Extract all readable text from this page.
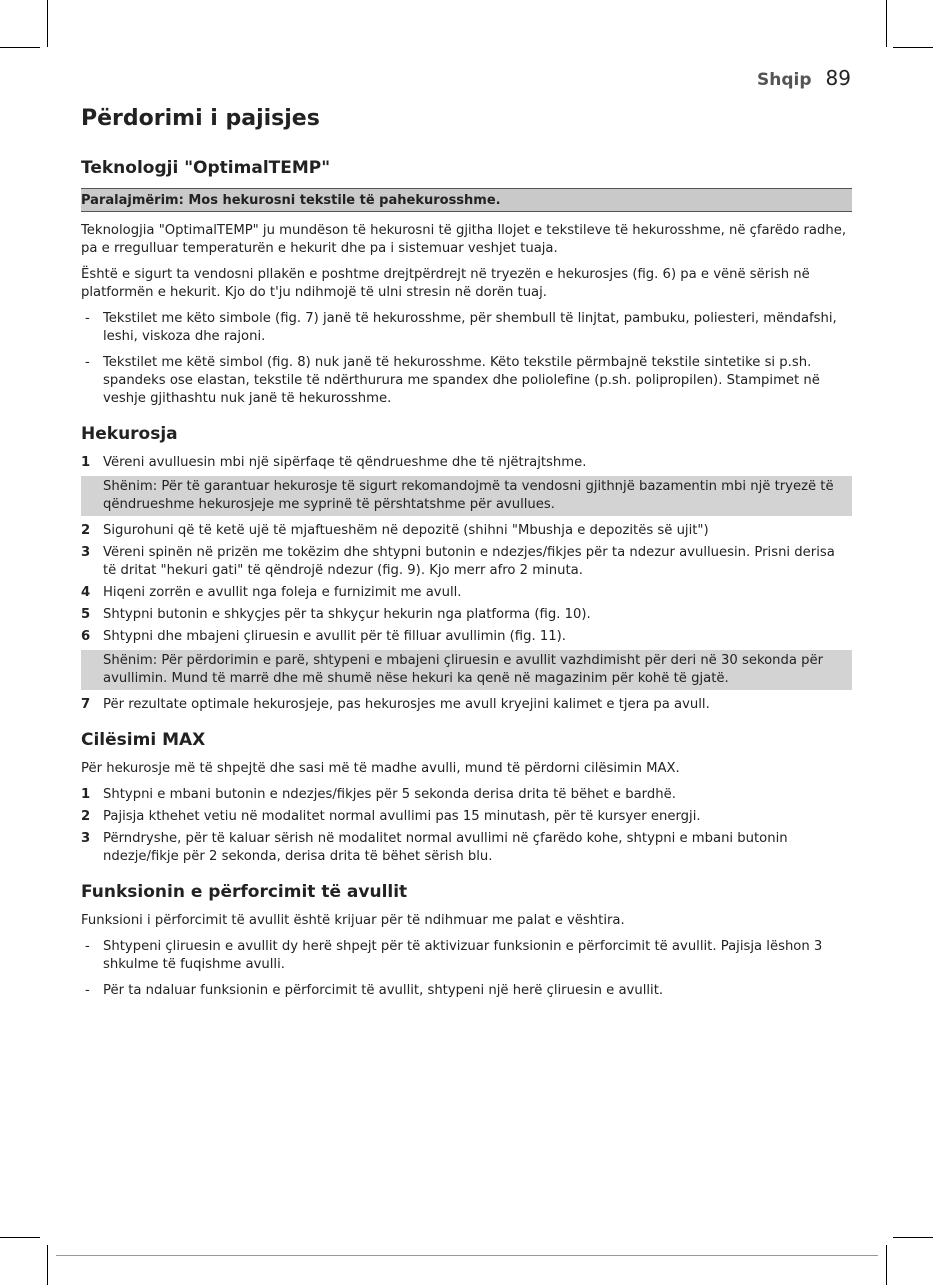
Shqip 89
Përdorimi i pajisjes
Teknologji "OptimalTEMP"
Paralajmërim: Mos hekurosni tekstile të pahekurosshme.

Teknologjia "OptimalTEMP" ju mundëson të hekurosni të gjitha llojet e tekstileve të hekurosshme, në çfarëdo radhe, pa e rregulluar temperaturën e hekurit dhe pa i sistemuar veshjet tuaja.

Është e sigurt ta vendosni pllakën e poshtme drejtpërdrejt në tryezën e hekurosjes (fig. 6) pa e vënë sërish në platformën e hekurit. Kjo do t'ju ndihmojë të ulni stresin në dorën tuaj.

- Tekstilet me këto simbole (fig. 7) janë të hekurosshme, për shembull të linjtat, pambuku, poliesteri, mëndafshi, leshi, viskoza dhe rajoni.
- Tekstilet me këtë simbol (fig. 8) nuk janë të hekurosshme. Këto tekstile përmbajnë tekstile sintetike si p.sh. spandeks ose elastan, tekstile të ndërthurura me spandex dhe poliolefine (p.sh. polipropilen). Stampimet në veshje gjithashtu nuk janë të hekurosshme.
Hekurosja
1 Vëreni avulluesin mbi një sipërfaqe të qëndrueshme dhe të njëtrajtshme.
Shënim: Për të garantuar hekurosje të sigurt rekomandojmë ta vendosni gjithnjë bazamentin mbi një tryezë të qëndrueshme hekurosjeje me syprinë të përshtatshme për avullues.
2 Sigurohuni që të ketë ujë të mjaftueshëm në depozitë (shihni "Mbushja e depozitës së ujit")
3 Vëreni spinën në prizën me tokëzim dhe shtypni butonin e ndezjes/fikjes për ta ndezur avulluesin. Prisni derisa të dritat "hekuri gati" të qëndrojë ndezur (fig. 9). Kjo merr afro 2 minuta.
4 Hiqeni zorrën e avullit nga foleja e furnizimit me avull.
5 Shtypni butonin e shkyçjes për ta shkyçur hekurin nga platforma (fig. 10).
6 Shtypni dhe mbajeni çliruesin e avullit për të filluar avullimin (fig. 11).
Shënim: Për përdorimin e parë, shtypeni e mbajeni çliruesin e avullit vazhdimisht për deri në 30 sekonda për avullimin. Mund të marrë dhe më shumë nëse hekuri ka qenë në magazinim për kohë të gjatë.
7 Për rezultate optimale hekurosjeje, pas hekurosjes me avull kryejini kalimet e tjera pa avull.
Cilësimi MAX

Për hekurosje më të shpejtë dhe sasi më të madhe avulli, mund të përdorni cilësimin MAX.

1 Shtypni e mbani butonin e ndezjes/fikjes për 5 sekonda derisa drita të bëhet e bardhë.
2 Pajisja kthehet vetiu në modalitet normal avullimi pas 15 minutash, për të kursyer energji.
3 Përndryshe, për të kaluar sërish në modalitet normal avullimi në çfarëdo kohe, shtypni e mbani butonin ndezje/fikje për 2 sekonda, derisa drita të bëhet sërish blu.
Funksionin e përforcimit të avullit

Funksioni i përforcimit të avullit është krijuar për të ndihmuar me palat e vështira.

- Shtypeni çliruesin e avullit dy herë shpejt për të aktivizuar funksionin e përforcimit të avullit. Pajisja lëshon 3 shkulme të fuqishme avulli.
- Për ta ndaluar funksionin e përforcimit të avullit, shtypeni një herë çliruesin e avullit.
